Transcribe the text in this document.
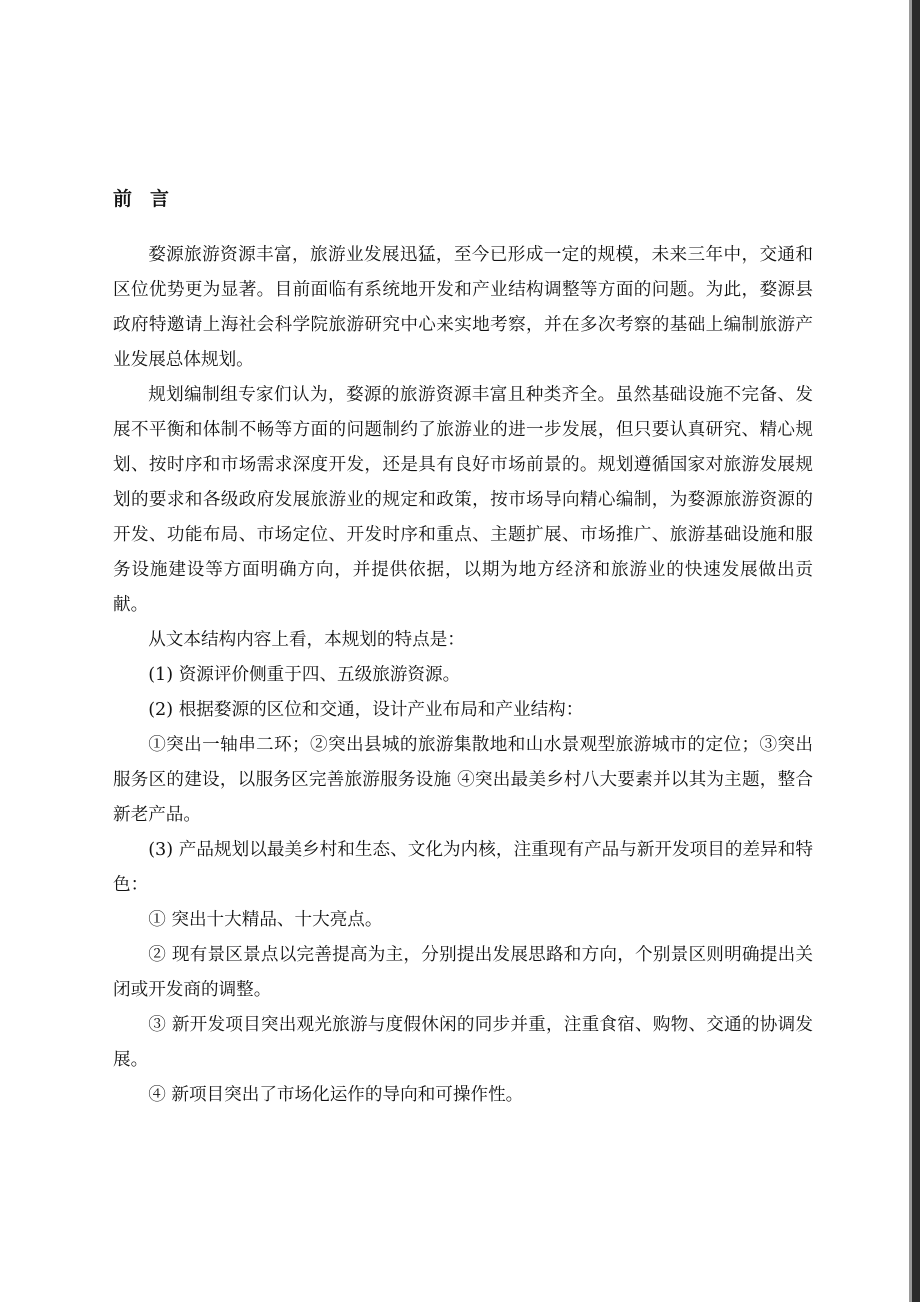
前言

婺源旅游资源丰富，旅游业发展迅猛，至今已形成一定的规模，未来三年中，交通和区位优势更为显著。目前面临有系统地开发和产业结构调整等方面的问题。为此，婺源县政府特邀请上海社会科学院旅游研究中心来实地考察，并在多次考察的基础上编制旅游产业发展总体规划。

规划编制组专家们认为，婺源的旅游资源丰富且种类齐全。虽然基础设施不完备、发展不平衡和体制不畅等方面的问题制约了旅游业的进一步发展，但只要认真研究、精心规划、按时序和市场需求深度开发，还是具有良好市场前景的。规划遵循国家对旅游发展规划的要求和各级政府发展旅游业的规定和政策，按市场导向精心编制，为婺源旅游资源的开发、功能布局、市场定位、开发时序和重点、主题扩展、市场推广、旅游基础设施和服务设施建设等方面明确方向，并提供依据，以期为地方经济和旅游业的快速发展做出贡献。

从文本结构内容上看，本规划的特点是：

(1) 资源评价侧重于四、五级旅游资源。

(2) 根据婺源的区位和交通，设计产业布局和产业结构：

①突出一轴串二环；②突出县城的旅游集散地和山水景观型旅游城市的定位；③突出服务区的建设，以服务区完善旅游服务设施 ④突出最美乡村八大要素并以其为主题，整合新老产品。

(3) 产品规划以最美乡村和生态、文化为内核，注重现有产品与新开发项目的差异和特色：

① 突出十大精品、十大亮点。

② 现有景区景点以完善提高为主，分别提出发展思路和方向，个别景区则明确提出关闭或开发商的调整。

③ 新开发项目突出观光旅游与度假休闲的同步并重，注重食宿、购物、交通的协调发展。

④ 新项目突出了市场化运作的导向和可操作性。
